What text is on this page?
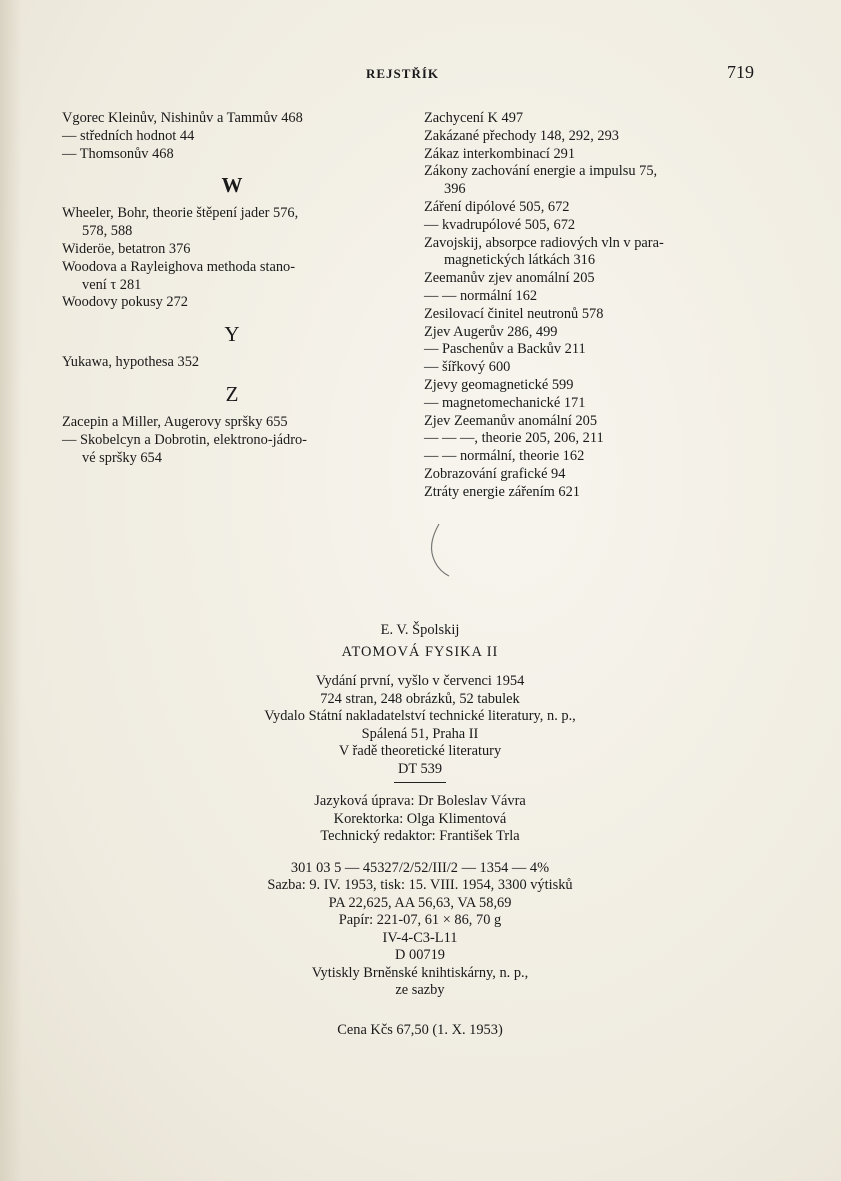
REJSTŘÍK	719
Vgorec Kleinův, Nishinův a Tammův 468
— středních hodnot 44
— Thomsonův 468
W
Wheeler, Bohr, theorie štěpení jader 576,
578, 588
Wideröe, betatron 376
Woodova a Rayleighova methoda stano-
vení τ 281
Woodovy pokusy 272
Y
Yukawa, hypothesa 352
Z
Zacepin a Miller, Augerovy spršky 655
— Skobelcyn a Dobrotin, elektrono-jádro-
vé spršky 654
Zachycení K 497
Zakázané přechody 148, 292, 293
Zákaz interkombinací 291
Zákony zachování energie a impulsu 75,
396
Záření dipólové 505, 672
— kvadrupólové 505, 672
Zavojskij, absorpce radiových vln v para-
magnetických látkách 316
Zeemanův zjev anomální 205
— — normální 162
Zesilovací činitel neutronů 578
Zjev Augerův 286, 499
— Paschenův a Backův 211
— šířkový 600
Zjevy geomagnetické 599
— magnetomechanické 171
Zjev Zeemanův anomální 205
— — —, theorie 205, 206, 211
— — normální, theorie 162
Zobrazování grafické 94
Ztráty energie zářením 621
E. V. Špolskij
ATOMOVÁ FYSIKA II
Vydání první, vyšlo v červenci 1954
724 stran, 248 obrázků, 52 tabulek
Vydalo Státní nakladatelství technické literatury, n. p.,
Spálená 51, Praha II
V řadě theoretické literatury
DT 539
Jazyková úprava: Dr Boleslav Vávra
Korektorka: Olga Klimentová
Technický redaktor: František Trla
301 03 5 — 45327/2/52/III/2 — 1354 — 4%
Sazba: 9. IV. 1953, tisk: 15. VIII. 1954, 3300 výtisků
PA 22,625, AA 56,63, VA 58,69
Papír: 221-07, 61 × 86, 70 g
IV-4-C3-L11
D 00719
Vytiskly Brněnské knihtiskárny, n. p.,
ze sazby
Cena Kčs 67,50 (1. X. 1953)
